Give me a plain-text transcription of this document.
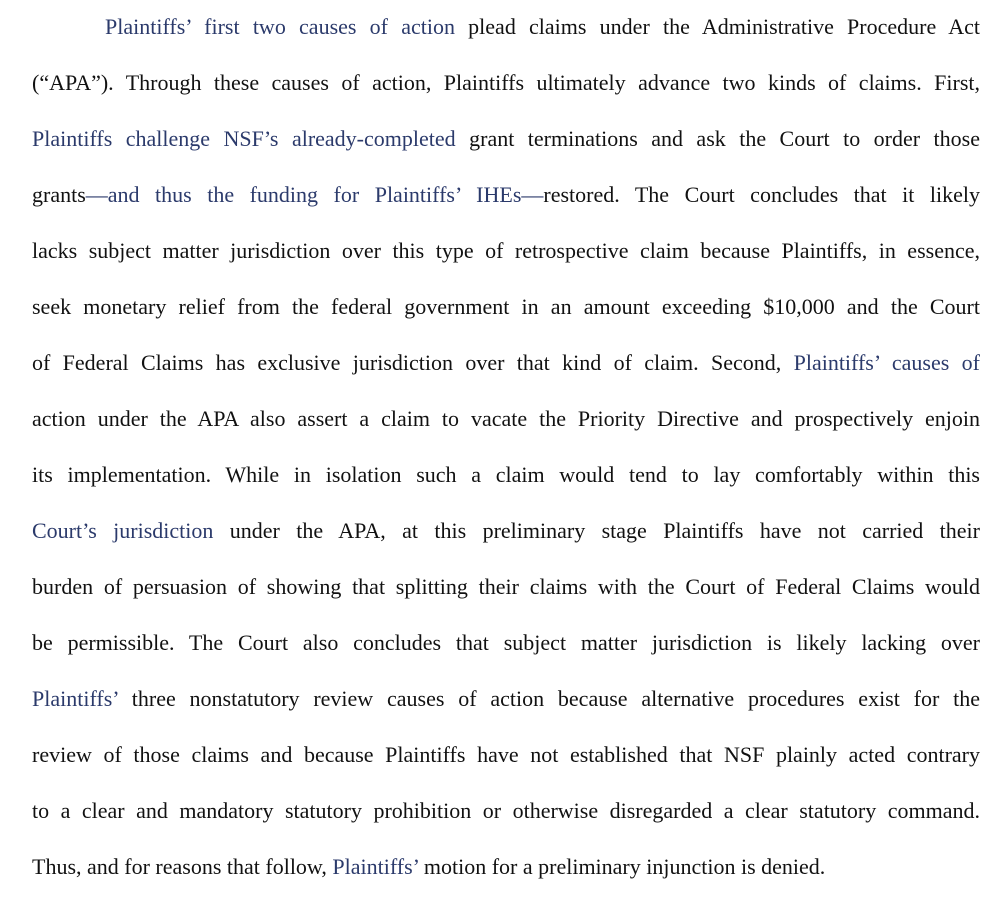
Plaintiffs’ first two causes of action plead claims under the Administrative Procedure Act
(“APA”). Through these causes of action, Plaintiffs ultimately advance two kinds of claims. First,
Plaintiffs challenge NSF’s already-completed grant terminations and ask the Court to order those
grants—and thus the funding for Plaintiffs’ IHEs—restored. The Court concludes that it likely
lacks subject matter jurisdiction over this type of retrospective claim because Plaintiffs, in essence,
seek monetary relief from the federal government in an amount exceeding $10,000 and the Court
of Federal Claims has exclusive jurisdiction over that kind of claim. Second, Plaintiffs’ causes of
action under the APA also assert a claim to vacate the Priority Directive and prospectively enjoin
its implementation. While in isolation such a claim would tend to lay comfortably within this
Court’s jurisdiction under the APA, at this preliminary stage Plaintiffs have not carried their
burden of persuasion of showing that splitting their claims with the Court of Federal Claims would
be permissible. The Court also concludes that subject matter jurisdiction is likely lacking over
Plaintiffs’ three nonstatutory review causes of action because alternative procedures exist for the
review of those claims and because Plaintiffs have not established that NSF plainly acted contrary
to a clear and mandatory statutory prohibition or otherwise disregarded a clear statutory command.
Thus, and for reasons that follow, Plaintiffs’ motion for a preliminary injunction is denied.
